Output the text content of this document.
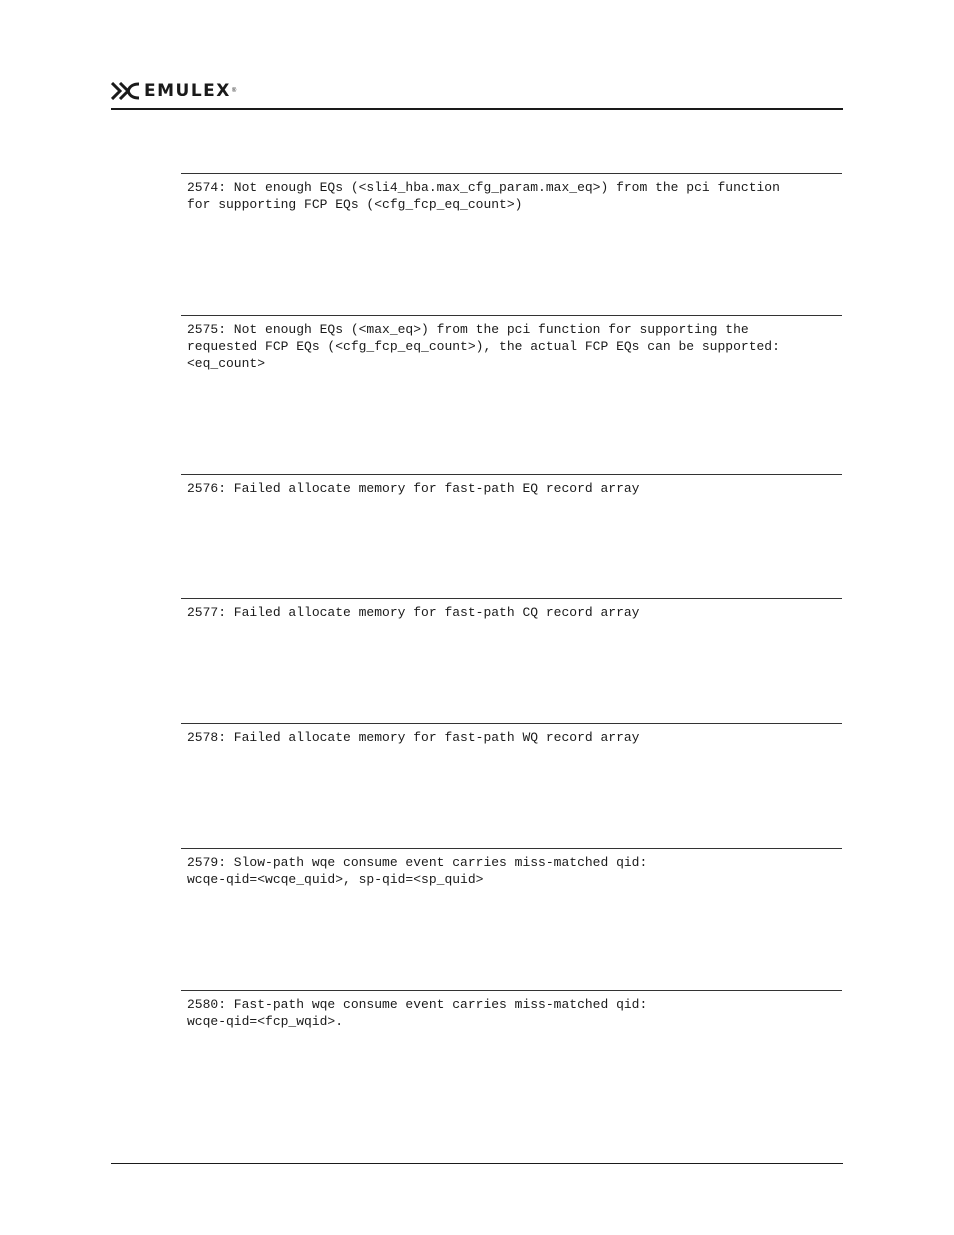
EMULEX ®

2574: Not enough EQs (<sli4_hba.max_cfg_param.max_eq>) from the pci function
for supporting FCP EQs (<cfg_fcp_eq_count>)

2575: Not enough EQs (<max_eq>) from the pci function for supporting the
requested FCP EQs (<cfg_fcp_eq_count>), the actual FCP EQs can be supported:
<eq_count>

2576: Failed allocate memory for fast-path EQ record array

2577: Failed allocate memory for fast-path CQ record array

2578: Failed allocate memory for fast-path WQ record array

2579: Slow-path wqe consume event carries miss-matched qid:
wcqe-qid=<wcqe_quid>, sp-qid=<sp_quid>

2580: Fast-path wqe consume event carries miss-matched qid:
wcqe-qid=<fcp_wqid>.
